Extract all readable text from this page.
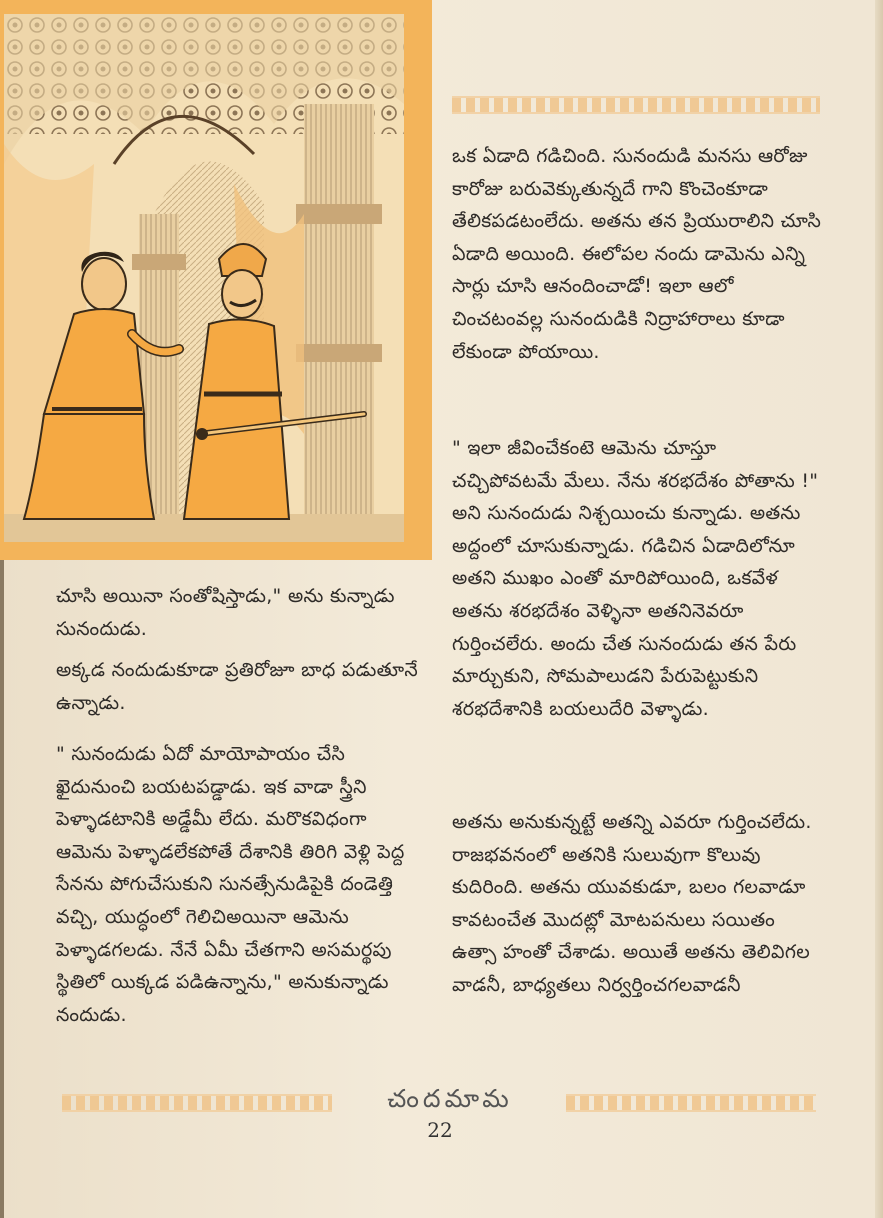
ఒక ఏడాది గడిచింది. సునందుడి మనసు ఆరోజు కారోజు బరువెక్కుతున్నదే గాని కొంచెంకూడా తేలికపడటంలేదు. అతను తన ప్రియురాలిని చూసి ఏడాది అయింది. ఈలోపల నందు డామెను ఎన్ని సార్లు చూసి ఆనందించాడో! ఇలా ఆలో చించటంవల్ల సునందుడికి నిద్రాహారాలు కూడా లేకుండా పోయాయి.

" ఇలా జీవించేకంటె ఆమెను చూస్తూ చచ్చిపోవటమే మేలు. నేను శరభదేశం పోతాను !" అని సునందుడు నిశ్చయించు కున్నాడు. అతను అద్దంలో చూసుకున్నాడు. గడిచిన ఏడాదిలోనూ అతని ముఖం ఎంతో మారిపోయింది, ఒకవేళ అతను శరభదేశం వెళ్ళినా అతనినెవరూ గుర్తించలేరు. అందు చేత సునందుడు తన పేరు మార్చుకుని, సోమపాలుడని పేరుపెట్టుకుని శరభదేశానికి బయలుదేరి వెళ్ళాడు.

అతను అనుకున్నట్టే అతన్ని ఎవరూ గుర్తించలేదు. రాజభవనంలో అతనికి సులువుగా కొలువు కుదిరింది. అతను యువకుడూ, బలం గలవాడూ కావటంచేత మొదట్లో మోటపనులు సయితం ఉత్సా హంతో చేశాడు. అయితే అతను తెలివిగల వాడనీ, బాధ్యతలు నిర్వర్తించగలవాడనీ

చూసి అయినా సంతోషిస్తాడు," అను కున్నాడు సునందుడు.

అక్కడ నందుడుకూడా ప్రతిరోజూ బాధ పడుతూనే ఉన్నాడు.

" సునందుడు ఏదో మాయోపాయం చేసి ఖైదునుంచి బయటపడ్డాడు. ఇక వాడా స్త్రీని పెళ్ళాడటానికి అడ్డేమీ లేదు. మరొకవిధంగా ఆమెను పెళ్ళాడలేకపోతే దేశానికి తిరిగి వెళ్లి పెద్ద సేనను పోగుచేసుకుని సునత్సేనుడిపైకి దండెత్తి వచ్చి, యుద్ధంలో గెలిచిఅయినా ఆమెను పెళ్ళాడగలడు. నేనే ఏమీ చేతగాని అసమర్థపు స్థితిలో యిక్కడ పడిఉన్నాను," అనుకున్నాడు నందుడు.

చందమామ
22
